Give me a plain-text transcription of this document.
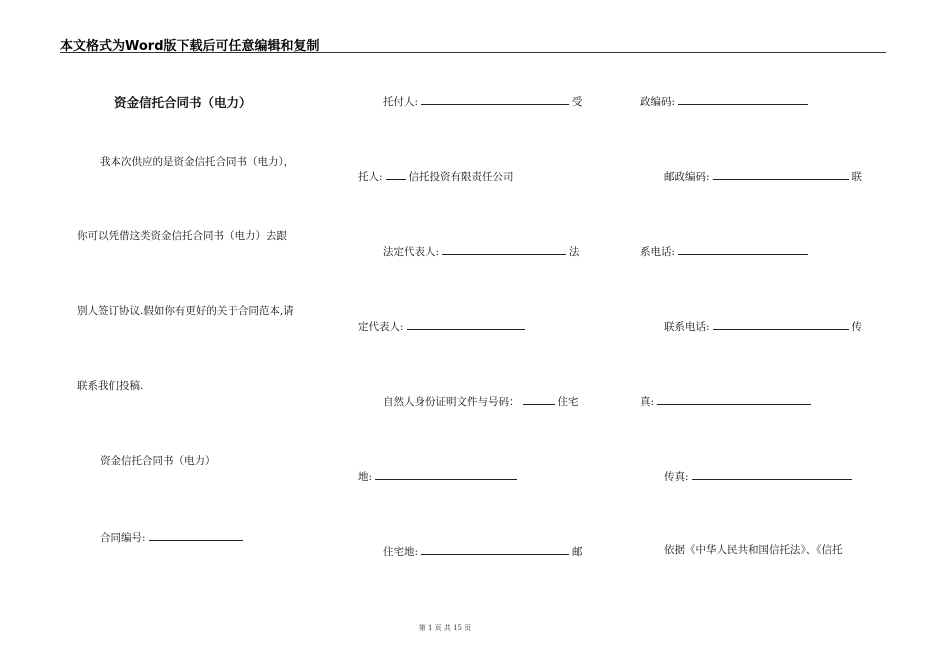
本文格式为Word版下载后可任意编辑和复制
资金信托合同书（电力）
我本次供应的是资金信托合同书（电力），
你可以凭借这类资金信托合同书（电力）去跟
别人签订协议.假如你有更好的关于合同范本,请
联系我们投稿.
资金信托合同书（电力）
合同编号:
托付人:	受
托人: 信托投资有限责任公司
法定代表人:	法
定代表人:
自然人身份证明文件与号码：	住宅
地:
住宅地:	邮
政编码:
邮政编码:	联
系电话:
联系电话:	传
真:
传真:
依据《中华人民共和国信托法》、《信托
第 1 页 共 15 页
